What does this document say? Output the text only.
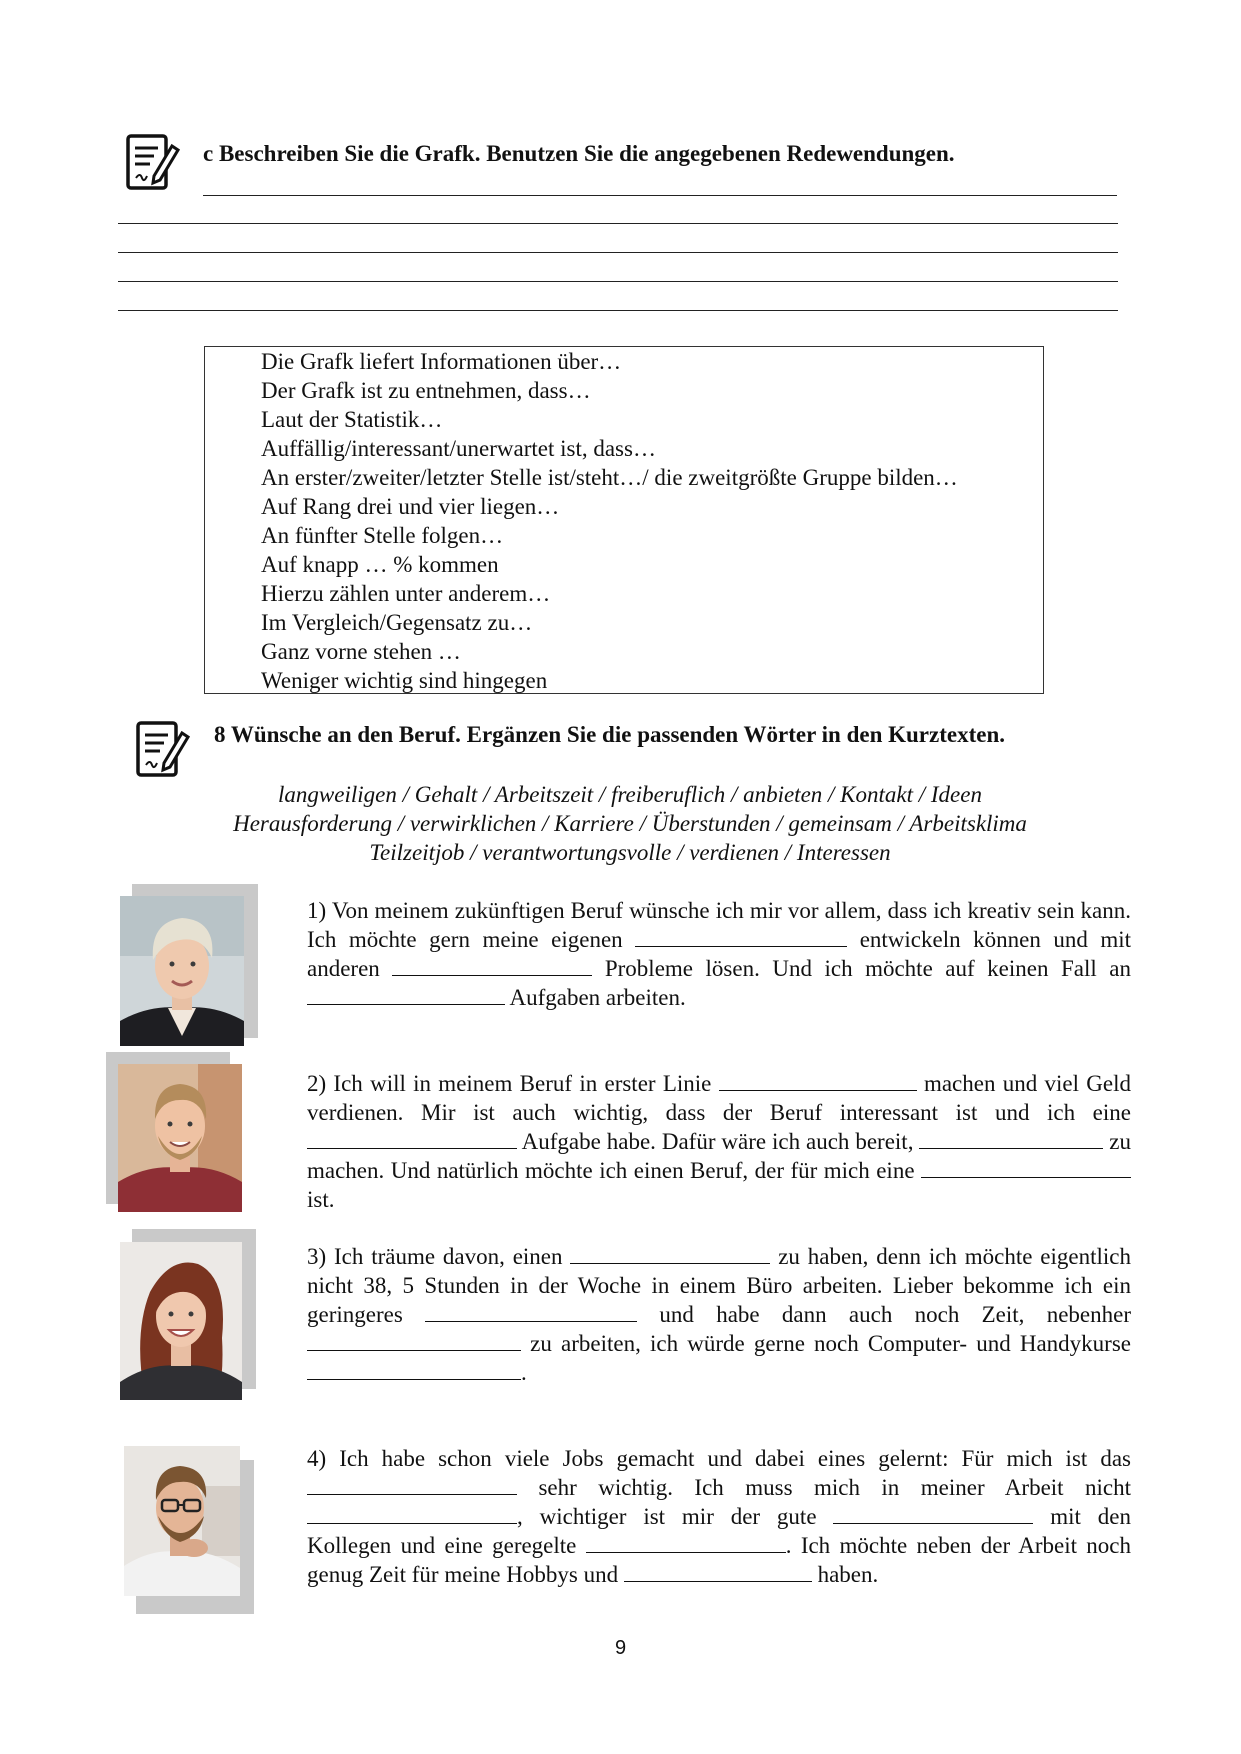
c Beschreiben Sie die Grafk. Benutzen Sie die angegebenen Redewendungen.
Die Grafk liefert Informationen über…
Der Grafk ist zu entnehmen, dass…
Laut der Statistik…
Auffällig/interessant/unerwartet ist, dass…
An erster/zweiter/letzter Stelle ist/steht…/ die zweitgrößte Gruppe bilden…
Auf Rang drei und vier liegen…
An fünfter Stelle folgen…
Auf knapp … % kommen
Hierzu zählen unter anderem…
Im Vergleich/Gegensatz zu…
Ganz vorne stehen …
Weniger wichtig sind hingegen
8 Wünsche an den Beruf. Ergänzen Sie die passenden Wörter in den Kurztexten.
langweiligen / Gehalt / Arbeitszeit / freiberuflich / anbieten / Kontakt / Ideen
Herausforderung / verwirklichen / Karriere / Überstunden / gemeinsam / Arbeitsklima
Teilzeitjob / verantwortungsvolle / verdienen / Interessen

1) Von meinem zukünftigen Beruf wünsche ich mir vor allem, dass ich kreativ sein kann. Ich möchte gern meine eigenen	entwickeln können und mit anderen	Probleme lösen. Und ich möchte auf keinen Fall an  Aufgaben arbeiten.

2) Ich will in meinem Beruf in erster Linie	machen und viel Geld verdienen. Mir ist auch wichtig, dass der Beruf interessant ist und ich eine  Aufgabe habe. Dafür wäre ich auch bereit,	zu machen. Und natürlich möchte ich einen Beruf, der für mich eine  ist.

3) Ich träume davon, einen	zu haben, denn ich möchte eigentlich nicht 38, 5 Stunden in der Woche in einem Büro arbeiten. Lieber bekomme ich ein geringeres	und habe dann auch noch Zeit, nebenher  zu arbeiten, ich würde gerne noch Computer- und Handykurse .

4) Ich habe schon viele Jobs gemacht und dabei eines gelernt: Für mich ist das  sehr wichtig. Ich muss mich in meiner Arbeit nicht , wichtiger ist mir der gute	mit den Kollegen und eine geregelte	. Ich möchte neben der Arbeit noch genug Zeit für meine Hobbys und	haben.

9
